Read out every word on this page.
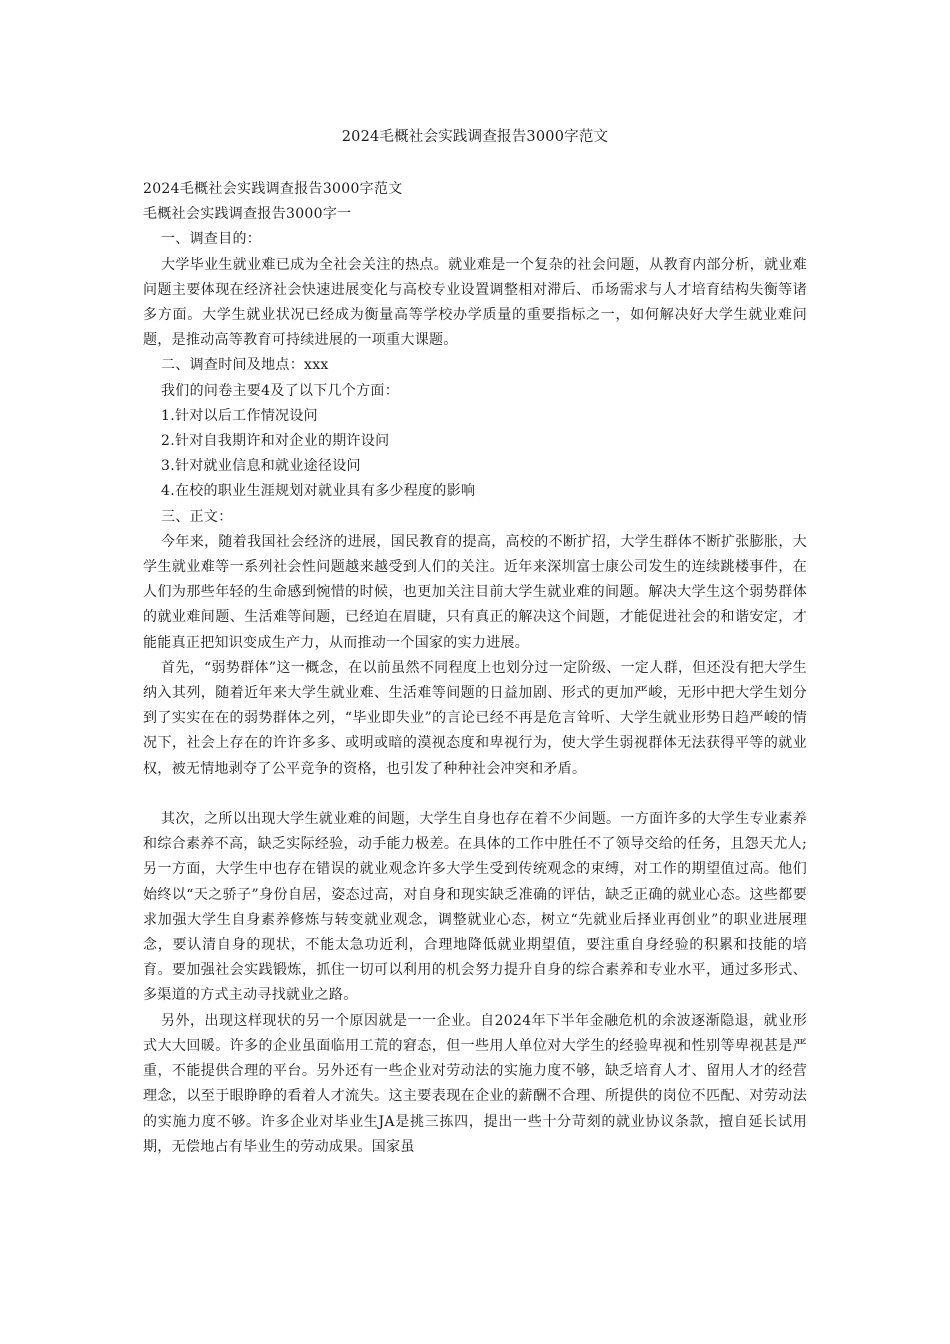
2024毛概社会实践调查报告3000字范文

2024毛概社会实践调查报告3000字范文

毛概社会实践调查报告3000字一

一、调查目的：

大学毕业生就业难已成为全社会关注的热点。就业难是一个复杂的社会问题，从教育内部分析，就业难问题主要体现在经济社会快速进展变化与高校专业设置调整相对滞后、币场需求与人才培育结构失衡等诸多方面。大学生就业状况已经成为衡量高等学校办学质量的重要指标之一，如何解决好大学生就业难问题，是推动高等教育可持续进展的一项重大课题。

二、调查时间及地点：xxx

我们的问卷主要4及了以下几个方面：

1.针对以后工作情况设问

2.针对自我期许和对企业的期许设问

3.针对就业信息和就业途径设问

4.在校的职业生涯规划对就业具有多少程度的影响

三、正文：

今年来，随着我国社会经济的进展，国民教育的提高，高校的不断扩招，大学生群体不断扩张膨胀，大学生就业难等一系列社会性问题越来越受到人们的关注。近年来深圳富士康公司发生的连续跳楼事件，在人们为那些年轻的生命感到惋惜的时候，也更加关注目前大学生就业难的间题。解决大学生这个弱势群体的就业难间题、生活难等间题，已经迫在眉睫，只有真正的解决这个间题，才能促进社会的和谐安定，才能能真正把知识变成生产力，从而推动一个国家的实力进展。

首先，“弱势群体”这一概念，在以前虽然不同程度上也划分过一定阶级、一定人群，但还没有把大学生纳入其列，随着近年来大学生就业难、生活难等间题的日益加剧、形式的更加严峻，无形中把大学生划分到了实实在在的弱势群体之列，“毕业即失业”的言论已经不再是危言耸听、大学生就业形势日趋严峻的情况下，社会上存在的许许多多、或明或暗的漠视态度和卑视行为，使大学生弱视群体无法获得平等的就业权，被无情地剥夺了公平竞争的资格，也引发了种种社会冲突和矛盾。

其次，之所以出现大学生就业难的间题，大学生自身也存在着不少间题。一方面许多的大学生专业素养和综合素养不高，缺乏实际经验，动手能力极差。在具体的工作中胜任不了领导交给的任务，且怨天尤人;另一方面，大学生中也存在错误的就业观念许多大学生受到传统观念的束缚，对工作的期望值过高。他们始终以“天之骄子”身份自居，姿态过高，对自身和现实缺乏准确的评估，缺乏正确的就业心态。这些都要求加强大学生自身素养修炼与转变就业观念，调整就业心态，树立“先就业后择业再创业”的职业进展理念，要认清自身的现状，不能太急功近利，合理地降低就业期望值，要注重自身经验的积累和技能的培育。要加强社会实践锻炼，抓住一切可以利用的机会努力提升自身的综合素养和专业水平，通过多形式、多渠道的方式主动寻找就业之路。

另外，出现这样现状的另一个原因就是一一企业。自2024年下半年金融危机的余波逐渐隐退，就业形式大大回暖。许多的企业虽面临用工荒的窘态，但一些用人单位对大学生的经验卑视和性别等卑视甚是严重，不能提供合理的平台。另外还有一些企业对劳动法的实施力度不够，缺乏培育人才、留用人才的经营理念，以至于眼睁睁的看着人才流失。这主要表现在企业的薪酬不合理、所提供的岗位不匹配、对劳动法的实施力度不够。许多企业对毕业生JA是挑三拣四，提出一些十分苛刻的就业协议条款，擅自延长试用期，无偿地占有毕业生的劳动成果。国家虽
